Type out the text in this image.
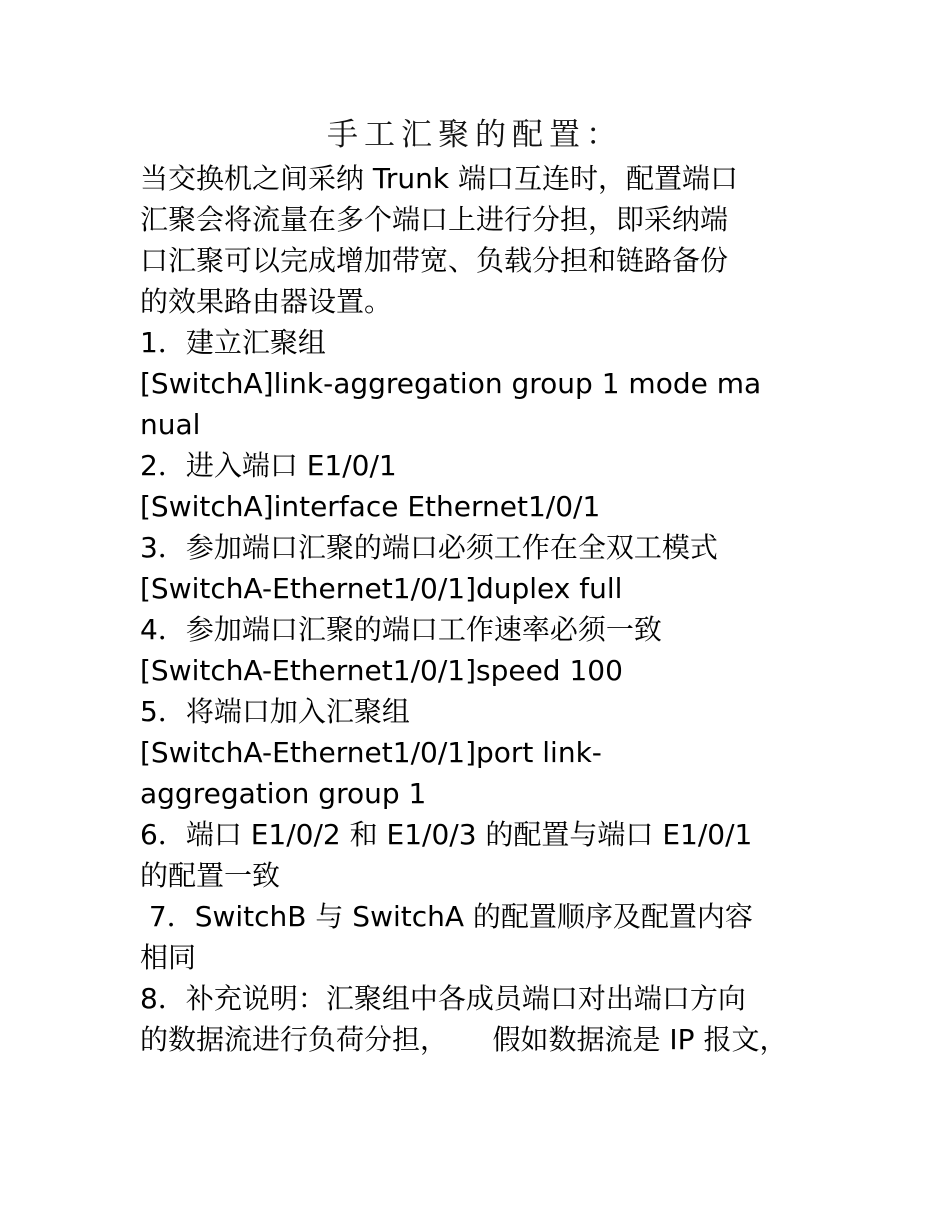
手工汇聚的配置：
当交换机之间采纳 Trunk 端口互连时，配置端口
汇聚会将流量在多个端口上进行分担，即采纳端
口汇聚可以完成增加带宽、负载分担和链路备份
的效果路由器设置。
1．建立汇聚组
[SwitchA]link-aggregation group 1 mode ma
nual
2．进入端口 E1/0/1
[SwitchA]interface Ethernet1/0/1
3．参加端口汇聚的端口必须工作在全双工模式
[SwitchA-Ethernet1/0/1]duplex full
4．参加端口汇聚的端口工作速率必须一致
[SwitchA-Ethernet1/0/1]speed 100
5．将端口加入汇聚组
[SwitchA-Ethernet1/0/1]port link-
aggregation group 1
6．端口 E1/0/2 和 E1/0/3 的配置与端口 E1/0/1
的配置一致
7．SwitchB 与 SwitchA 的配置顺序及配置内容
相同
8．补充说明：汇聚组中各成员端口对出端口方向
的数据流进行负荷分担，     假如数据流是 IP 报文，
